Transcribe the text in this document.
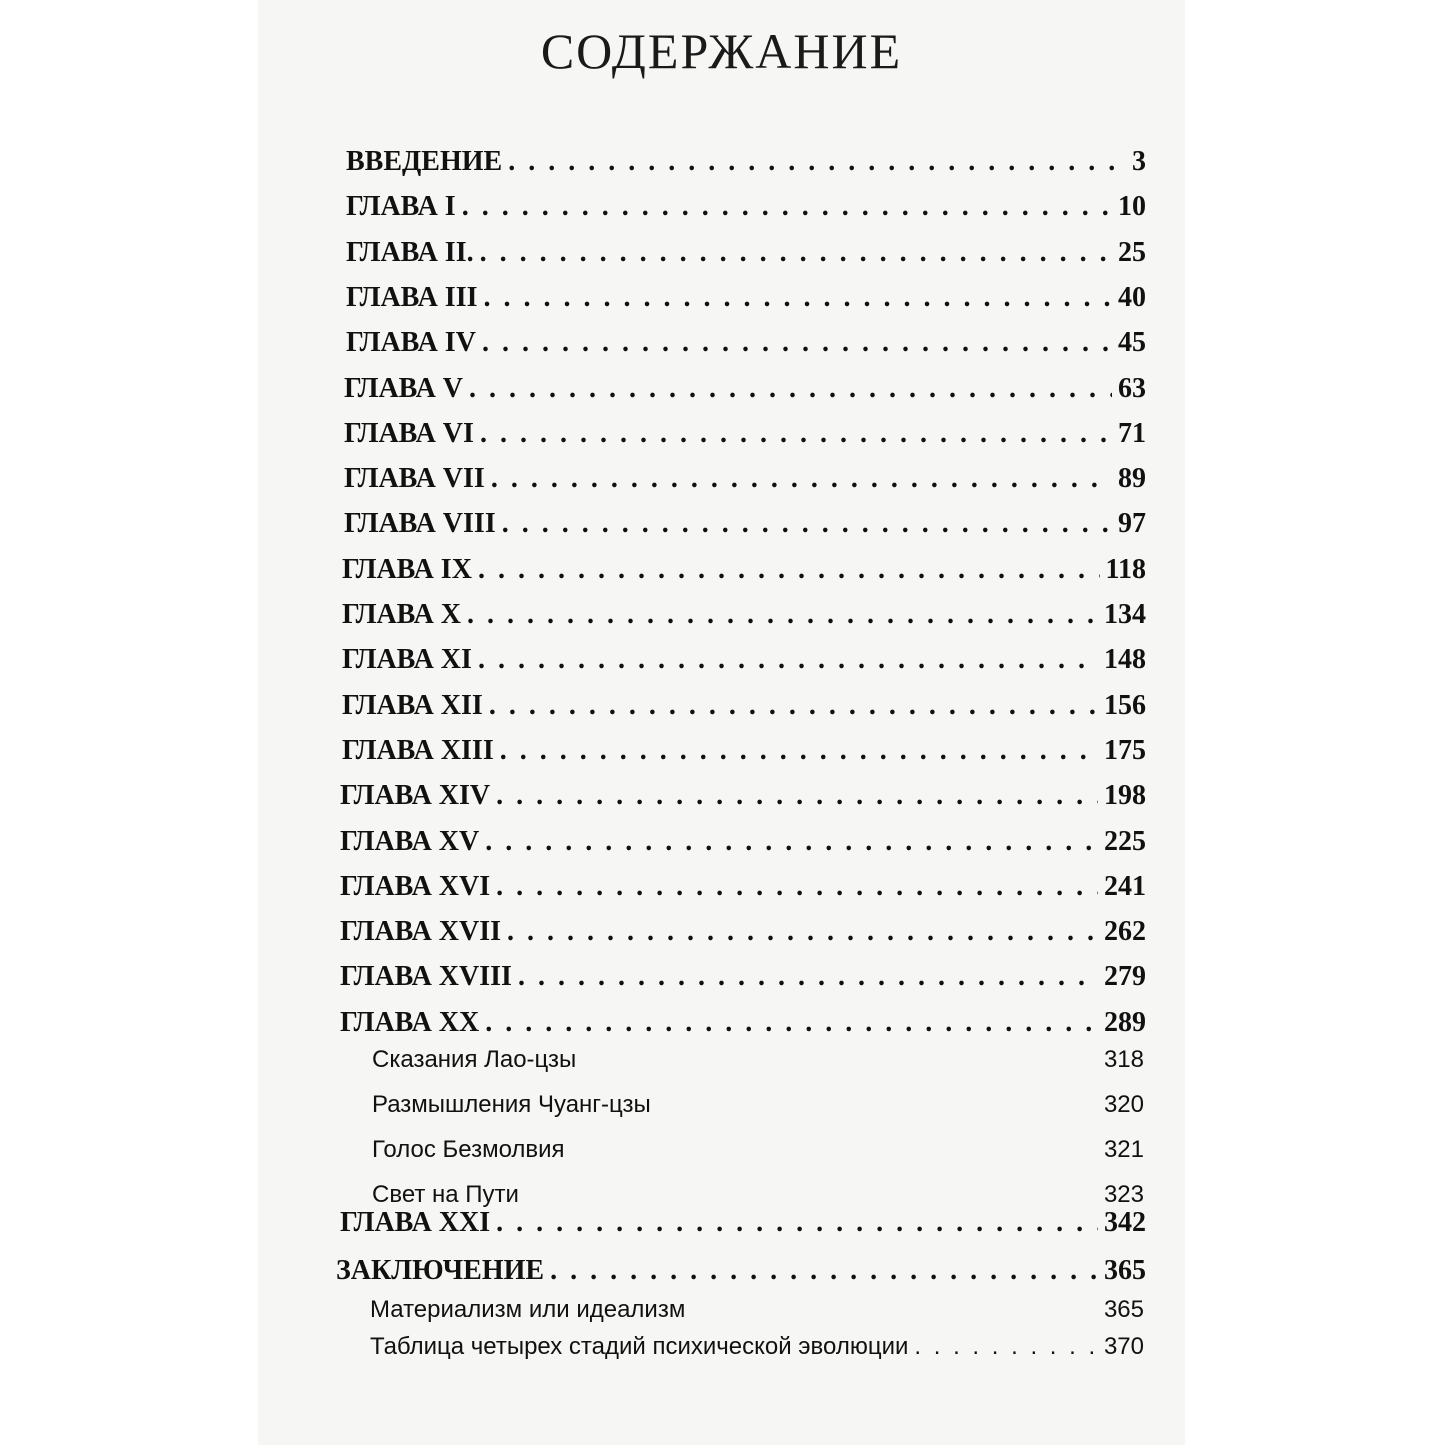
СОДЕРЖАНИЕ
ВВЕДЕНИЕ . . .	3
ГЛАВА I . . .	10
ГЛАВА II. . . .	25
ГЛАВА III . . .	40
ГЛАВА IV . . .	45
ГЛАВА V . . .	63
ГЛАВА VI . . .	71
ГЛАВА VII . . .	89
ГЛАВА VIII . . .	97
ГЛАВА IX . . .	118
ГЛАВА X . . .	134
ГЛАВА XI . . .	148
ГЛАВА XII . . .	156
ГЛАВА XIII . . .	175
ГЛАВА XIV . . .	198
ГЛАВА XV . . .	225
ГЛАВА XVI . . .	241
ГЛАВА XVII . . .	262
ГЛАВА XVIII . . .	279
ГЛАВА XX . . .	289
Сказания Лао-цзы	318
Размышления Чуанг-цзы	320
Голос Безмолвия	321
Свет на Пути	323
ГЛАВА XXI . . .	342
ЗАКЛЮЧЕНИЕ . . .	365
Материализм или идеализм	365
Таблица четырех стадий психической эволюции . . .	370
